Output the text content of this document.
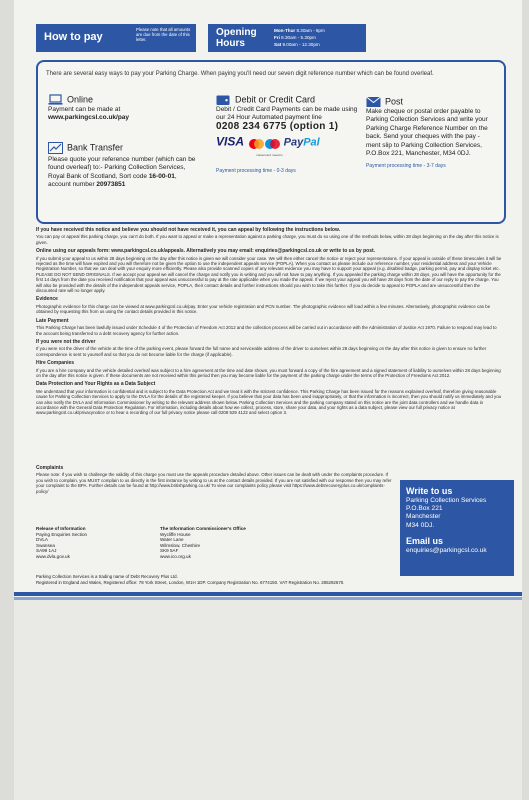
How to pay
Please note that all amounts are due from the date of this letter.
Opening Hours
Mon-Thur 8.30am - 6pm
Fri 8.30am - 5.30pm
Sat 9.00am - 12.30pm
There are several easy ways to pay your Parking Charge. When paying you'll need our seven digit reference number which can be found overleaf.
Online
Payment can be made at
www.parkingcsl.co.uk/pay
Bank Transfer
Please quote your reference number (which can be found overleaf) to:- Parking Collection Services, Royal Bank of Scotland, Sort code 16-00-01, account number 20973851
Debit or Credit Card
Debit / Credit Card Payments can be made using our 24 Hour Automated payment line
0208 234 6775 (option 1)
VISA	PayPal
mastercard maestro
Payment processing time - 0-3 days
Post
Make cheque or postal order payable to Parking Collection Services and write your Parking Charge Reference Number on the back. Send your cheques with the pay - ment slip to Parking Collection Services, P.O.Box 221, Manchester, M34 0DJ.
Payment processing time - 3-7 days
If you have received this notice and believe you should not have received it, you can appeal by following the instructions below.

You can pay or appeal this parking charge, you can't do both. If you want to appeal or make a representation against a parking charge, you must do so using one of the methods below, within 28 days beginning on the day after this notice is given.

Online using our appeals form: www.parkingcsl.co.uk/appeals. Alternatively you may email: enquiries@parkingcsl.co.uk or write to us by post.

If you submit your appeal to us within 28 days beginning on the day after this notice is given we will consider your case. We will then either cancel the notice or reject your representations. If your appeal is outside of these timescales it will be rejected as the time will have expired and you will therefore not be given the option to use the independent appeals service (POPLA). When you contact us please include our reference number, your residential address and your Vehicle Registration Number, so that we can deal with your enquiry more efficiently. Please also provide scanned copies of any relevant evidence you may have to support your appeal (e.g. disabled badge, parking permit, pay and display ticket etc. PLEASE DO NOT SEND ORIGINALS. If we accept your appeal we will cancel the charge and notify you in writing and you will not have to pay anything. If you appealed the parking charge within 28 days, you will have the opportunity for the first 14 days from the date you received notification that your appeal was unsuccessful to pay at the rate applicable when you made the appeal. If we reject your appeal you will have 28 days from the date of our reply to pay the charge. You will also be provided with the details of the independent appeals service, POPLA, their contact details and further instructions should you wish to take this further. If you do decide to appeal to POPLA and are unsuccessful then the discounted rate will no longer apply.

Evidence

Photographic evidence for this charge can be viewed at www.parkingcsl.co.uk/pay. Enter your vehicle registration and PCN number. The photographic evidence will load within a few minutes. Alternatively, photographic evidence can be obtained by requesting this from us using the contact details provided in this notice.

Late Payment

This Parking Charge has been lawfully issued under Schedule 4 of the Protection of Freedom Act 2012 and the collection process will be carried out in accordance with the Administration of Justice Act 1970. Failure to respond may lead to the account being transferred to a debt recovery agency for further action.

If you were not the driver

If you were not the driver of the vehicle at the time of the parking event, please forward the full name and serviceable address of the driver to ourselves within 28 days beginning on the day after this notice is given to ensure no further correspondence is sent to yourself and so that you do not become liable for the charge (if applicable).

Hire Companies

If you are a hire company and the vehicle detailed overleaf was subject to a hire agreement at the time and date shown, you must forward a copy of the hire agreement and a signed statement of liability to ourselves within 28 days beginning on the day after this notice is given. If these documents are not received within this period then you may become liable for the payment of the parking charge under the terms of the Protection of Freedoms Act 2012.

Data Protection and Your Rights as a Data Subject

We understand that your information is confidential and is subject to the Data Protection Act and we treat it with the strictest confidence. This Parking Charge has been issued for the reasons explained overleaf, therefore giving reasonable cause for Parking Collection Services to apply to the DVLA for the details of the registered keeper. If you believe that your data has been used inappropriately, or that the information is incorrect, then you should notify us immediately and you can also notify the DVLA and Information Commissioner by writing to the relevant address shown below. Parking Collection Services and the parking company stated on this notice are the joint data controllers and we handle data in accordance with the General Data Protection Regulation. For information, including details about how we collect, process, store, share your data, and your rights as a data subject, please view our full privacy notice at www.parkingcsl.co.uk/privacynotice or to hear a recording of our full privacy notice please call 0208 529 4122 and select option 3.

Complaints

Please note: If you wish to challenge the validity of this charge you must use the appeals procedure detailed above. Other issues can be dealt with under the complaints procedure. If you wish to complain, you MUST complain to us directly in the first instance by writing to us at the contact details provided. If you are not satisfied with our response then you may refer your complaint to the BPA. Further details can be found at http://www.britishparking.co.uk/ To view our complaints policy please visit https://www.debtrecoveryplus.co.uk/complaints-policy/

Release of Information
Paying Enquiries Section
DVLA
Swansea
SA99 1AJ
www.dvla.gov.uk
The Information Commissioner's Office
Wycliffe House
Water Lane
Wilmslow, Cheshire
SK9 5AF
www.ico.org.uk
Parking Collection Services is a trading name of Debt Recovery Plus Ltd.
Registered in England and Wales, Registered office: 78 York Street, London, W1H 1DP. Company Registration No. 6774150. VAT Registration No. 285292670.
Write to us
Parking Collection Services
P.O.Box 221
Manchester
M34 0DJ.
Email us
enquiries@parkingcsl.co.uk
